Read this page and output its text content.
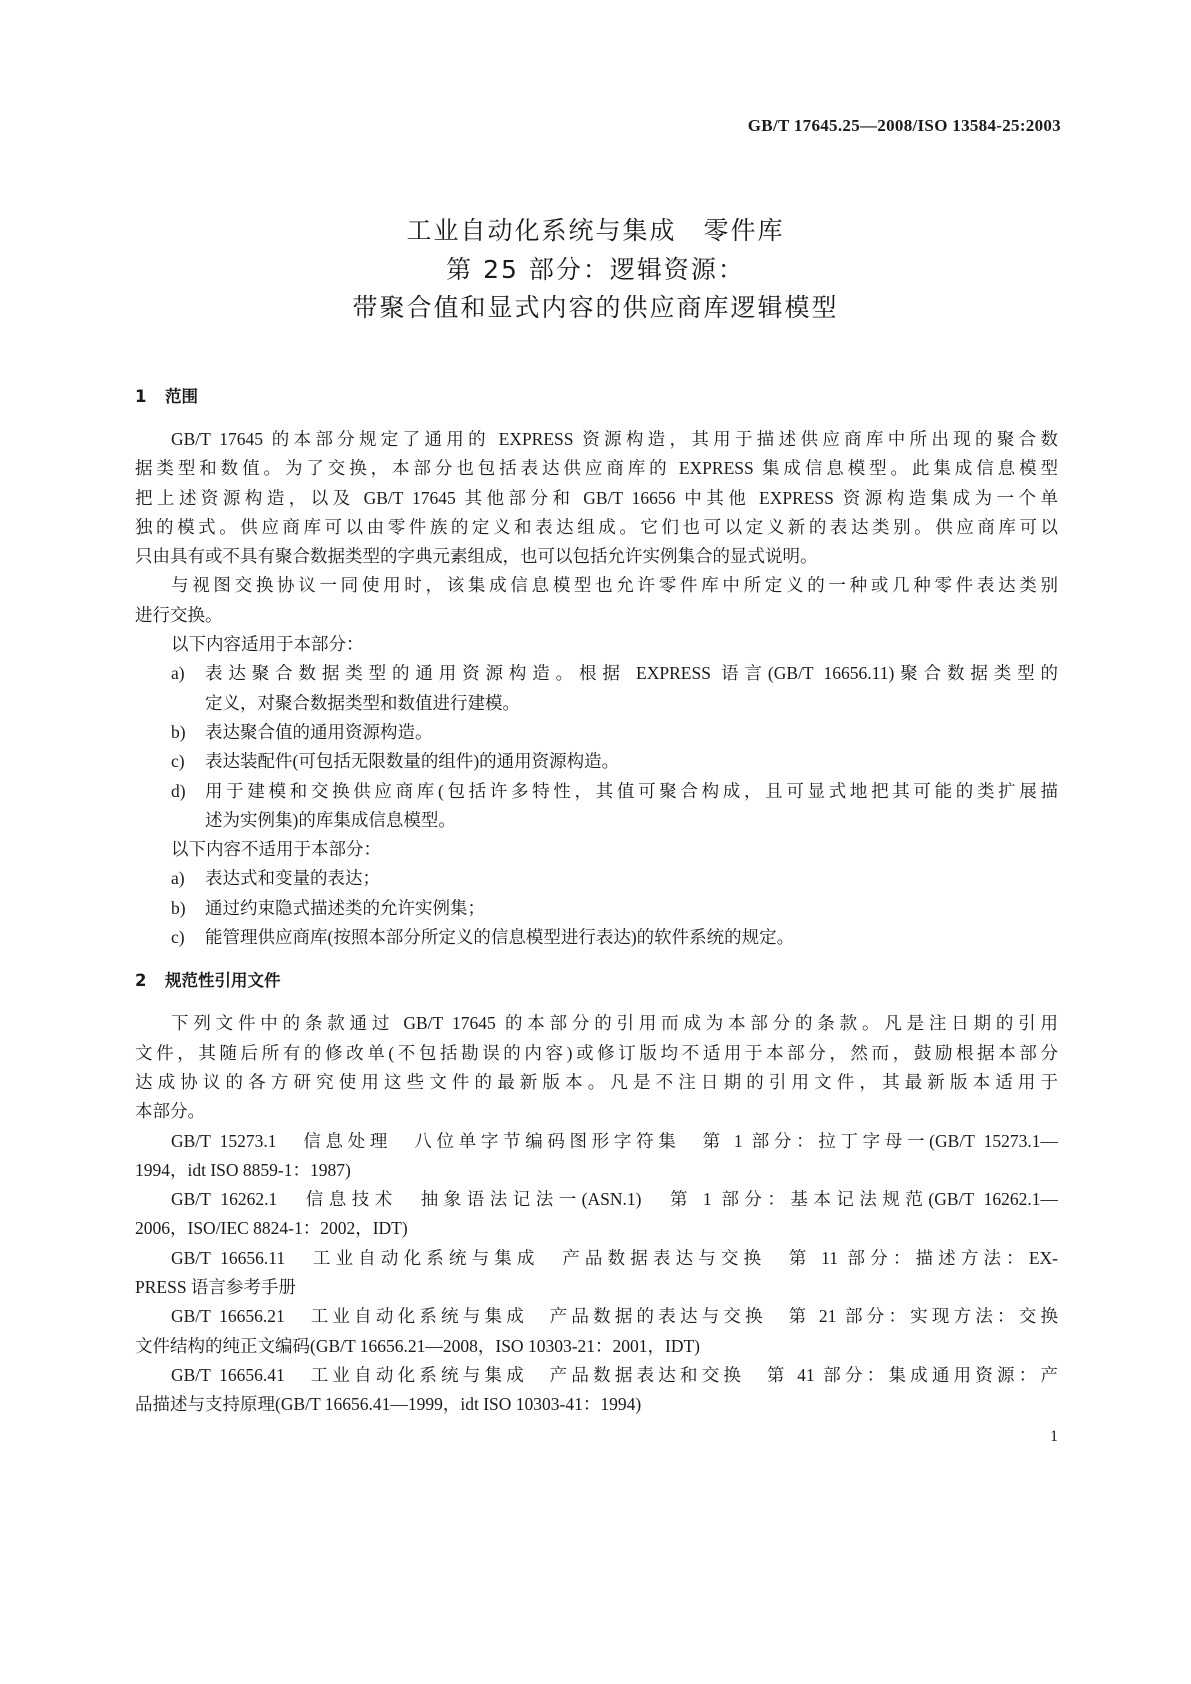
GB/T 17645.25—2008/ISO 13584-25:2003
工业自动化系统与集成　零件库
第 25 部分：逻辑资源：
带聚合值和显式内容的供应商库逻辑模型
1 范围
GB/T 17645 的本部分规定了通用的 EXPRESS 资源构造，其用于描述供应商库中所出现的聚合数
据类型和数值。为了交换，本部分也包括表达供应商库的 EXPRESS 集成信息模型。此集成信息模型
把上述资源构造，以及 GB/T 17645 其他部分和 GB/T 16656 中其他 EXPRESS 资源构造集成为一个单
独的模式。供应商库可以由零件族的定义和表达组成。它们也可以定义新的表达类别。供应商库可以
只由具有或不具有聚合数据类型的字典元素组成，也可以包括允许实例集合的显式说明。
与视图交换协议一同使用时，该集成信息模型也允许零件库中所定义的一种或几种零件表达类别
进行交换。
以下内容适用于本部分：
a) 表达聚合数据类型的通用资源构造。根据 EXPRESS 语言(GB/T 16656.11)聚合数据类型的
定义，对聚合数据类型和数值进行建模。
b) 表达聚合值的通用资源构造。
c) 表达装配件(可包括无限数量的组件)的通用资源构造。
d) 用于建模和交换供应商库(包括许多特性，其值可聚合构成，且可显式地把其可能的类扩展描
述为实例集)的库集成信息模型。
以下内容不适用于本部分：
a) 表达式和变量的表达；
b) 通过约束隐式描述类的允许实例集；
c) 能管理供应商库(按照本部分所定义的信息模型进行表达)的软件系统的规定。
2 规范性引用文件
下列文件中的条款通过 GB/T 17645 的本部分的引用而成为本部分的条款。凡是注日期的引用
文件，其随后所有的修改单(不包括勘误的内容)或修订版均不适用于本部分，然而，鼓励根据本部分
达成协议的各方研究使用这些文件的最新版本。凡是不注日期的引用文件，其最新版本适用于
本部分。
GB/T 15273.1　信息处理　八位单字节编码图形字符集　第 1 部分：拉丁字母一(GB/T 15273.1—
1994，idt ISO 8859-1：1987)
GB/T 16262.1　信息技术　抽象语法记法一(ASN.1)　第 1 部分：基本记法规范(GB/T 16262.1—
2006，ISO/IEC 8824-1：2002，IDT)
GB/T 16656.11　工业自动化系统与集成　产品数据表达与交换　第 11 部分：描述方法：EX-
PRESS 语言参考手册
GB/T 16656.21　工业自动化系统与集成　产品数据的表达与交换　第 21 部分：实现方法：交换
文件结构的纯正文编码(GB/T 16656.21—2008，ISO 10303-21：2001，IDT)
GB/T 16656.41　工业自动化系统与集成　产品数据表达和交换　第 41 部分：集成通用资源：产
品描述与支持原理(GB/T 16656.41—1999，idt ISO 10303-41：1994)
1
